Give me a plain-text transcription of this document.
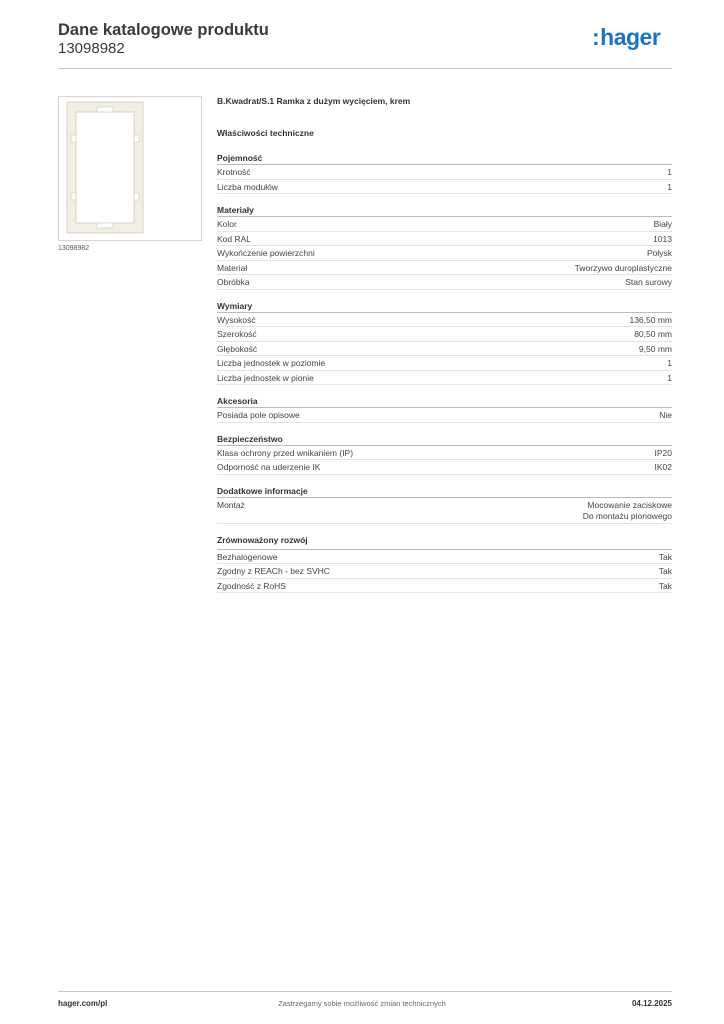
Dane katalogowe produktu
13098982	:hager
13098982
B.Kwadrat/S.1 Ramka z dużym wycięciem, krem
Właściwości techniczne
Pojemność
Krotność	1
Liczba modułów	1
Materiały
Kolor	Biały
Kod RAL	1013
Wykończenie powierzchni	Połysk
Materiał	Tworzywo duroplastyczne
Obróbka	Stan surowy
Wymiary
Wysokość	136,50 mm
Szerokość	80,50 mm
Głębokość	9,50 mm
Liczba jednostek w poziomie	1
Liczba jednostek w pionie	1
Akcesoria
Posiada pole opisowe	Nie
Bezpieczeństwo
Klasa ochrony przed wnikaniem (IP)	IP20
Odporność na uderzenie IK	IK02
Dodatkowe informacje
Montaż	Mocowanie zaciskowe
Do montażu pionowego
Zrównoważony rozwój
Bezhalogenowe	Tak
Zgodny z REACh - bez SVHC	Tak
Zgodność z RoHS	Tak
hager.com/pl	Zastrzegamy sobie możliwość zmian technicznych	04.12.2025
